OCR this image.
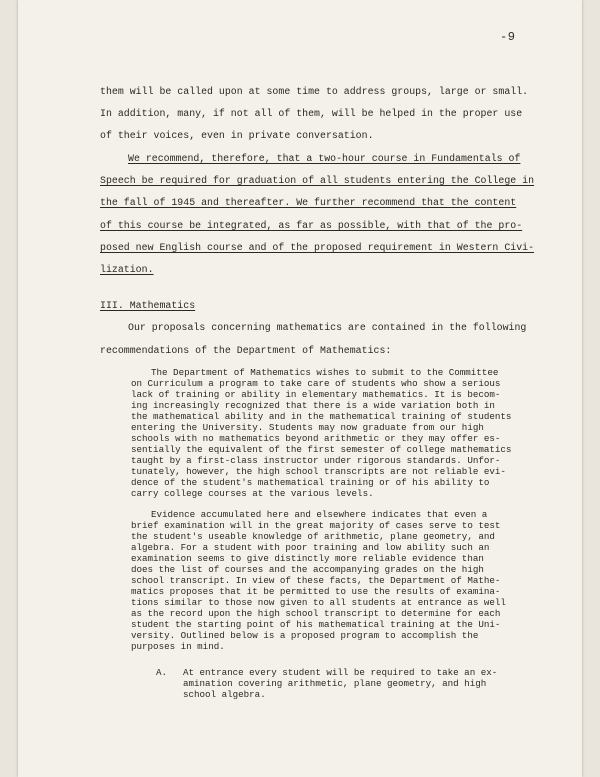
-9
them will be called upon at some time to address groups, large or small.
In addition, many, if not all of them, will be helped in the proper use
of their voices, even in private conversation.
We recommend, therefore, that a two-hour course in Fundamentals of
Speech be required for graduation of all students entering the College in
the fall of 1945 and thereafter. We further recommend that the content
of this course be integrated, as far as possible, with that of the pro-
posed new English course and of the proposed requirement in Western Civi-
lization.
III. Mathematics
Our proposals concerning mathematics are contained in the following
recommendations of the Department of Mathematics:
The Department of Mathematics wishes to submit to the Committee
on Curriculum a program to take care of students who show a serious
lack of training or ability in elementary mathematics. It is becom-
ing increasingly recognized that there is a wide variation both in
the mathematical ability and in the mathematical training of students
entering the University. Students may now graduate from our high
schools with no mathematics beyond arithmetic or they may offer es-
sentially the equivalent of the first semester of college mathematics
taught by a first-class instructor under rigorous standards. Unfor-
tunately, however, the high school transcripts are not reliable evi-
dence of the student's mathematical training or of his ability to
carry college courses at the various levels.
Evidence accumulated here and elsewhere indicates that even a
brief examination will in the great majority of cases serve to test
the student's useable knowledge of arithmetic, plane geometry, and
algebra. For a student with poor training and low ability such an
examination seems to give distinctly more reliable evidence than
does the list of courses and the accompanying grades on the high
school transcript. In view of these facts, the Department of Mathe-
matics proposes that it be permitted to use the results of examina-
tions similar to those now given to all students at entrance as well
as the record upon the high school transcript to determine for each
student the starting point of his mathematical training at the Uni-
versity. Outlined below is a proposed program to accomplish the
purposes in mind.
A. At entrance every student will be required to take an ex-
amination covering arithmetic, plane geometry, and high
school algebra.
